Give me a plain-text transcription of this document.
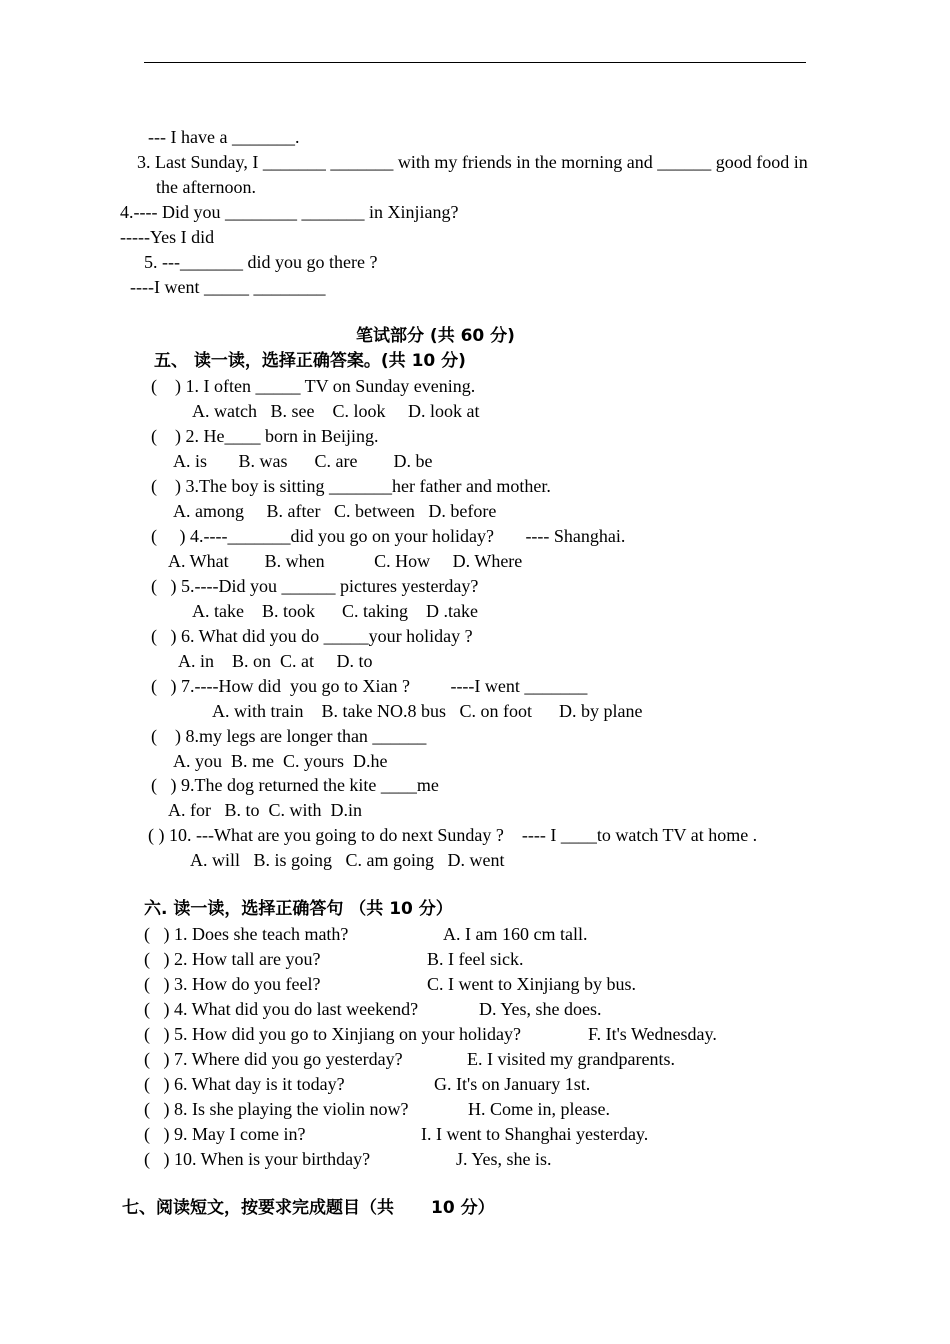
--- I have a _______.
3. Last Sunday, I _______ _______ with my friends in the morning and ______ good food in
the afternoon.
4.---- Did you ________ _______ in Xinjiang?
-----Yes I did
5. ---_______ did you go there ?
----I went _____ ________
笔试部分 (共 60 分)
五、 读一读，选择正确答案。(共 10 分)
(    ) 1. I often _____ TV on Sunday evening.
A. watch   B. see    C. look     D. look at
(    ) 2. He____ born in Beijing.
A. is       B. was      C. are        D. be
(    ) 3.The boy is sitting _______her father and mother.
A. among     B. after   C. between   D. before
(     ) 4.----_______did you go on your holiday?       ---- Shanghai.
A. What        B. when           C. How     D. Where
(   ) 5.----Did you ______ pictures yesterday?
A. take    B. took      C. taking    D .take
(   ) 6. What did you do _____your holiday ?
A. in    B. on  C. at     D. to
(   ) 7.----How did  you go to Xian ?         ----I went _______
A. with train    B. take NO.8 bus   C. on foot      D. by plane
(    ) 8.my legs are longer than ______
A. you  B. me  C. yours  D.he
(   ) 9.The dog returned the kite ____me
A. for   B. to  C. with  D.in
( ) 10. ---What are you going to do next Sunday ?    ---- I ____to watch TV at home .
A. will   B. is going   C. am going   D. went
六. 读一读，选择正确答句 （共 10 分）
(   ) 1. Does she teach math?	A. I am 160 cm tall.
(   ) 2. How tall are you?	B. I feel sick.
(   ) 3. How do you feel?	C. I went to Xinjiang by bus.
(   ) 4. What did you do last weekend?	D. Yes, she does.
(   ) 5. How did you go to Xinjiang on your holiday?	F. It's Wednesday.
(   ) 7. Where did you go yesterday?	E. I visited my grandparents.
(   ) 6. What day is it today?	G. It's on January 1st.
(   ) 8. Is she playing the violin now?	H. Come in, please.
(   ) 9. May I come in?	I. I went to Shanghai yesterday.
(   ) 10. When is your birthday?	J. Yes, she is.
七、阅读短文，按要求完成题目（共 10 分）
